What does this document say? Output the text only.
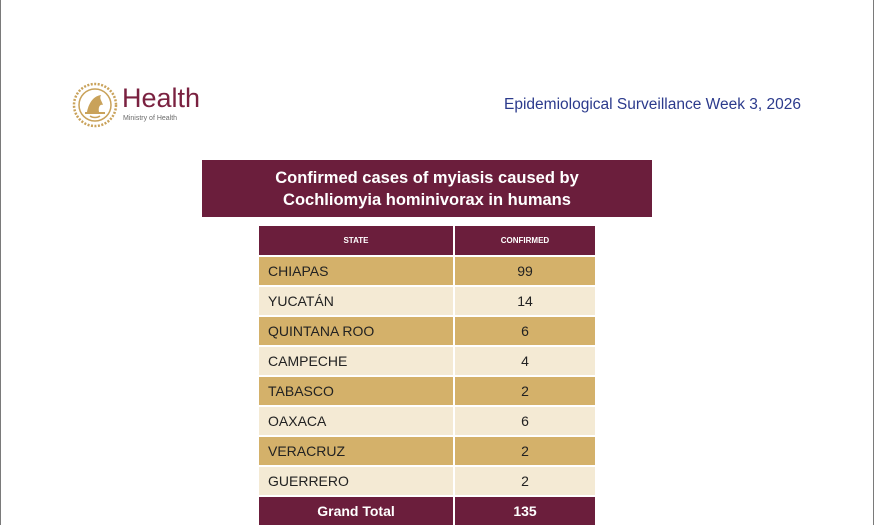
Health
Ministry of Health
Epidemiological Surveillance Week 3, 2026
Confirmed cases of myiasis caused by Cochliomyia hominivorax in humans
STATE	CONFIRMED
CHIAPAS	99
YUCATÁN	14
QUINTANA ROO	6
CAMPECHE	4
TABASCO	2
OAXACA	6
VERACRUZ	2
GUERRERO	2
Grand Total	135
